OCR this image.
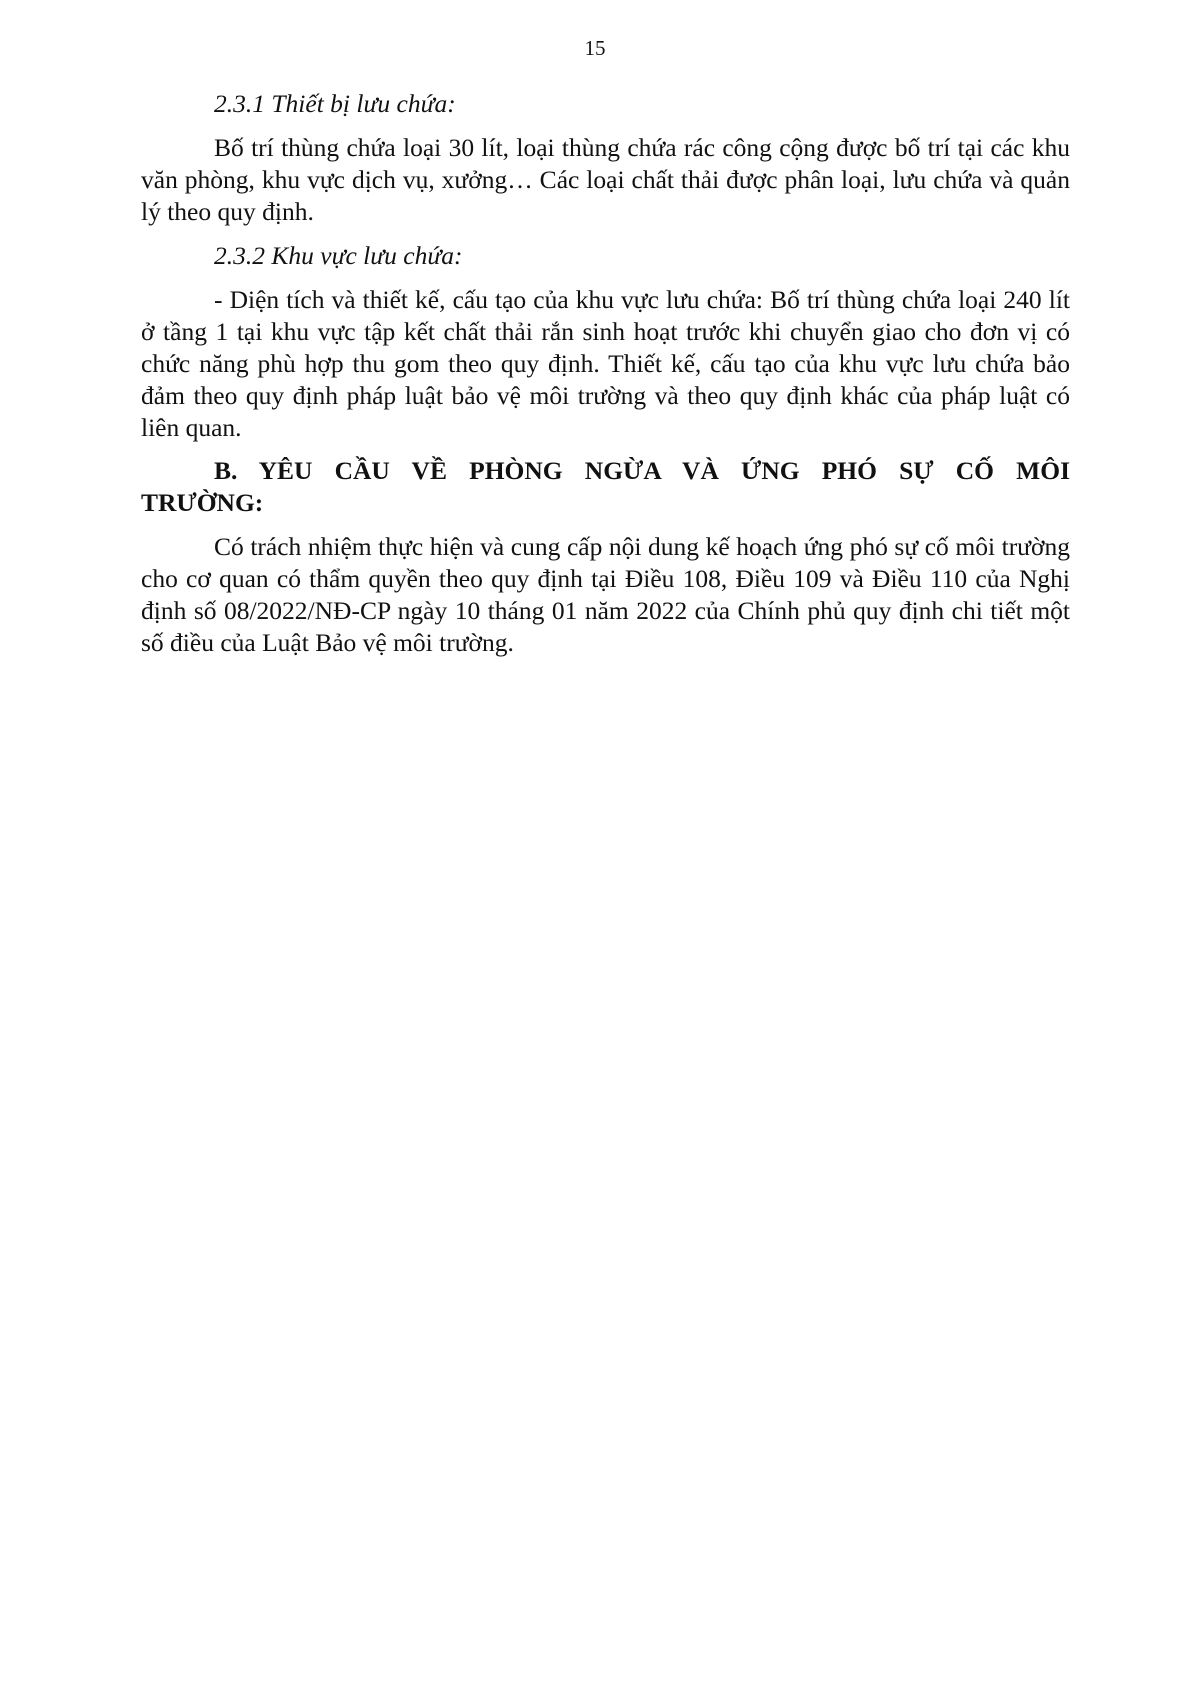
15

2.3.1 Thiết bị lưu chứa:

Bố trí thùng chứa loại 30 lít, loại thùng chứa rác công cộng được bố trí tại các khu văn phòng, khu vực dịch vụ, xưởng… Các loại chất thải được phân loại, lưu chứa và quản lý theo quy định.

2.3.2 Khu vực lưu chứa:

- Diện tích và thiết kế, cấu tạo của khu vực lưu chứa: Bố trí thùng chứa loại 240 lít ở tầng 1 tại khu vực tập kết chất thải rắn sinh hoạt trước khi chuyển giao cho đơn vị có chức năng phù hợp thu gom theo quy định. Thiết kế, cấu tạo của khu vực lưu chứa bảo đảm theo quy định pháp luật bảo vệ môi trường và theo quy định khác của pháp luật có liên quan.

B. YÊU CẦU VỀ PHÒNG NGỪA VÀ ỨNG PHÓ SỰ CỐ MÔI TRƯỜNG:

Có trách nhiệm thực hiện và cung cấp nội dung kế hoạch ứng phó sự cố môi trường cho cơ quan có thẩm quyền theo quy định tại Điều 108, Điều 109 và Điều 110 của Nghị định số 08/2022/NĐ-CP ngày 10 tháng 01 năm 2022 của Chính phủ quy định chi tiết một số điều của Luật Bảo vệ môi trường.
